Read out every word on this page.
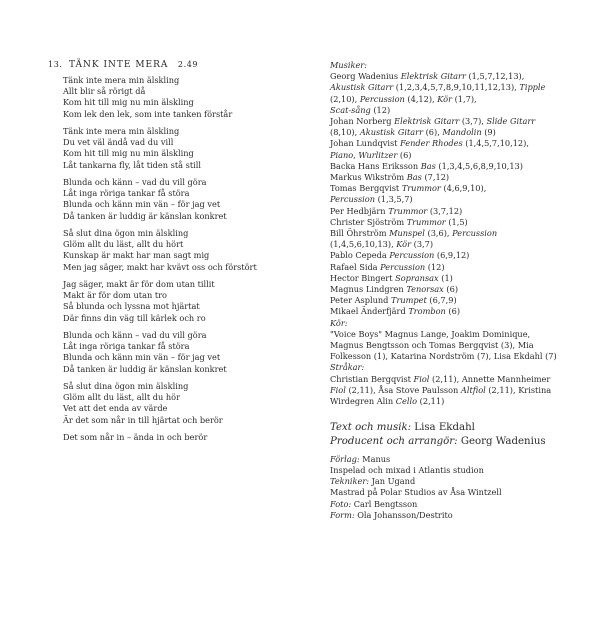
13. TÄNK INTE MERA 2.49
Tänk inte mera min älskling
Allt blir så rörigt då
Kom hit till mig nu min älskling
Kom lek den lek, som inte tanken förstår
Tänk inte mera min älskling
Du vet väl ändå vad du vill
Kom hit till mig nu min älskling
Låt tankarna fly, låt tiden stå still
Blunda och känn – vad du vill göra
Låt inga röriga tankar få störa
Blunda och känn min vän – för jag vet
Då tanken är luddig är känslan konkret
Så slut dina ögon min älskling
Glöm allt du läst, allt du hört
Kunskap är makt har man sagt mig
Men jag säger, makt har kvävt oss och förstört
Jag säger, makt är för dom utan tillit
Makt är för dom utan tro
Så blunda och lyssna mot hjärtat
Där finns din väg till kärlek och ro
Blunda och känn – vad du vill göra
Låt inga röriga tankar få störa
Blunda och känn min vän – för jag vet
Då tanken är luddig är känslan konkret
Så slut dina ögon min älskling
Glöm allt du läst, allt du hör
Vet att det enda av värde
Är det som når in till hjärtat och berör
Det som når in – ända in och berör
Musiker:
Georg Wadenius Elektrisk Gitarr (1,5,7,12,13),
Akustisk Gitarr (1,2,3,4,5,7,8,9,10,11,12,13), Tipple
(2,10), Percussion (4,12), Kör (1,7),
Scat-sång (12)
Johan Norberg Elektrisk Gitarr (3,7), Slide Gitarr
(8,10), Akustisk Gitarr (6), Mandolin (9)
Johan Lundqvist Fender Rhodes (1,4,5,7,10,12),
Piano, Wurlitzer (6)
Backa Hans Eriksson Bas (1,3,4,5,6,8,9,10,13)
Markus Wikström Bas (7,12)
Tomas Bergqvist Trummor (4,6,9,10),
Percussion (1,3,5,7)
Per Hedbjärn Trummor (3,7,12)
Christer Sjöström Trummor (1,5)
Bill Öhrström Munspel (3,6), Percussion
(1,4,5,6,10,13), Kör (3,7)
Pablo Cepeda Percussion (6,9,12)
Rafael Sida Percussion (12)
Hector Bingert Sopransax (1)
Magnus Lindgren Tenorsax (6)
Peter Asplund Trumpet (6,7,9)
Mikael Änderfjärd Trombon (6)
Kör:
"Voice Boys" Magnus Lange, Joakim Dominique,
Magnus Bengtsson och Tomas Bergqvist (3), Mia
Folkesson (1), Katarina Nordström (7), Lisa Ekdahl (7)
Stråkar:
Christian Bergqvist Fiol (2,11), Annette Mannheimer
Fiol (2,11), Åsa Stove Paulsson Altfiol (2,11), Kristina
Wirdegren Alin Cello (2,11)
Text och musik: Lisa Ekdahl
Producent och arrangör: Georg Wadenius
Förlag: Manus
Inspelad och mixad i Atlantis studion
Tekniker: Jan Ugand
Mastrad på Polar Studios av Åsa Wintzell
Foto: Carl Bengtsson
Form: Ola Johansson/Destrito
